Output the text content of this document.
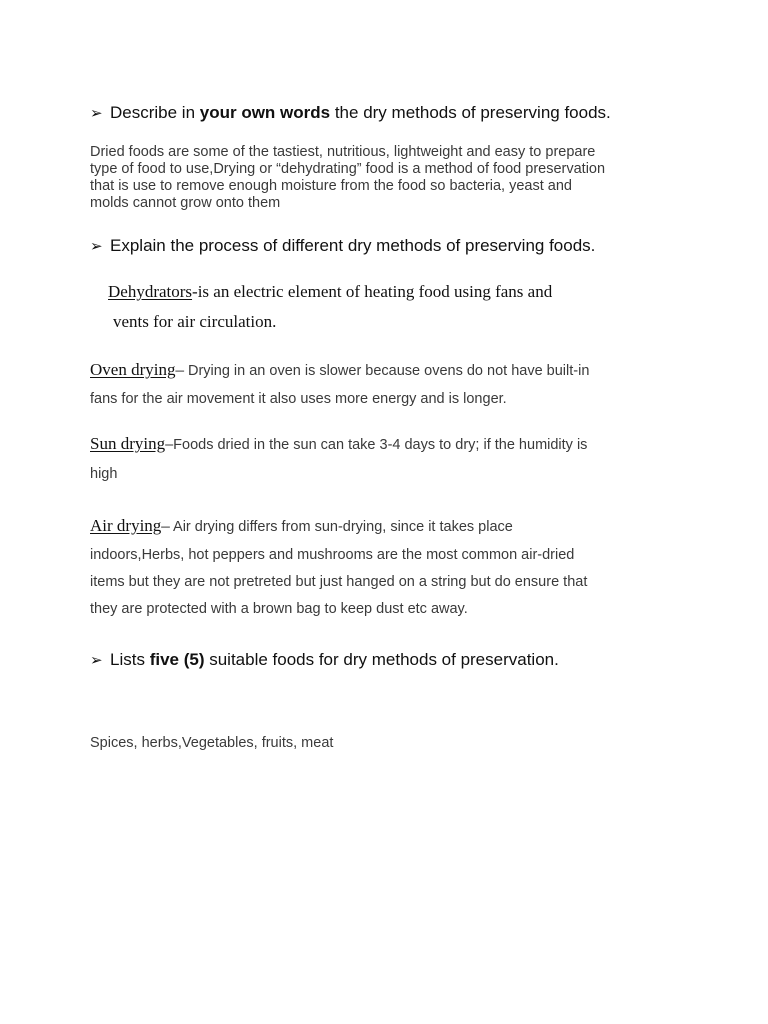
➢ Describe in your own words the dry methods of preserving foods.
Dried foods are some of the tastiest, nutritious, lightweight and easy to prepare
type of food to use,Drying or “dehydrating” food is a method of food preservation
that is use to remove enough moisture from the food so bacteria, yeast and
molds cannot grow onto them
➢ Explain the process of different dry methods of preserving foods.
Dehydrators-is an electric element of heating food using fans and
vents for air circulation.
Oven drying– Drying in an oven is slower because ovens do not have built-in
fans for the air movement it also uses more energy and is longer.
Sun drying–Foods dried in the sun can take 3-4 days to dry; if the humidity is
high
Air drying– Air drying differs from sun-drying, since it takes place
indoors,Herbs, hot peppers and mushrooms are the most common air-dried
items but they are not pretreted but just hanged on a string but do ensure that
they are protected with a brown bag to keep dust etc away.
➢ Lists five (5) suitable foods for dry methods of preservation.
Spices, herbs,Vegetables, fruits, meat
